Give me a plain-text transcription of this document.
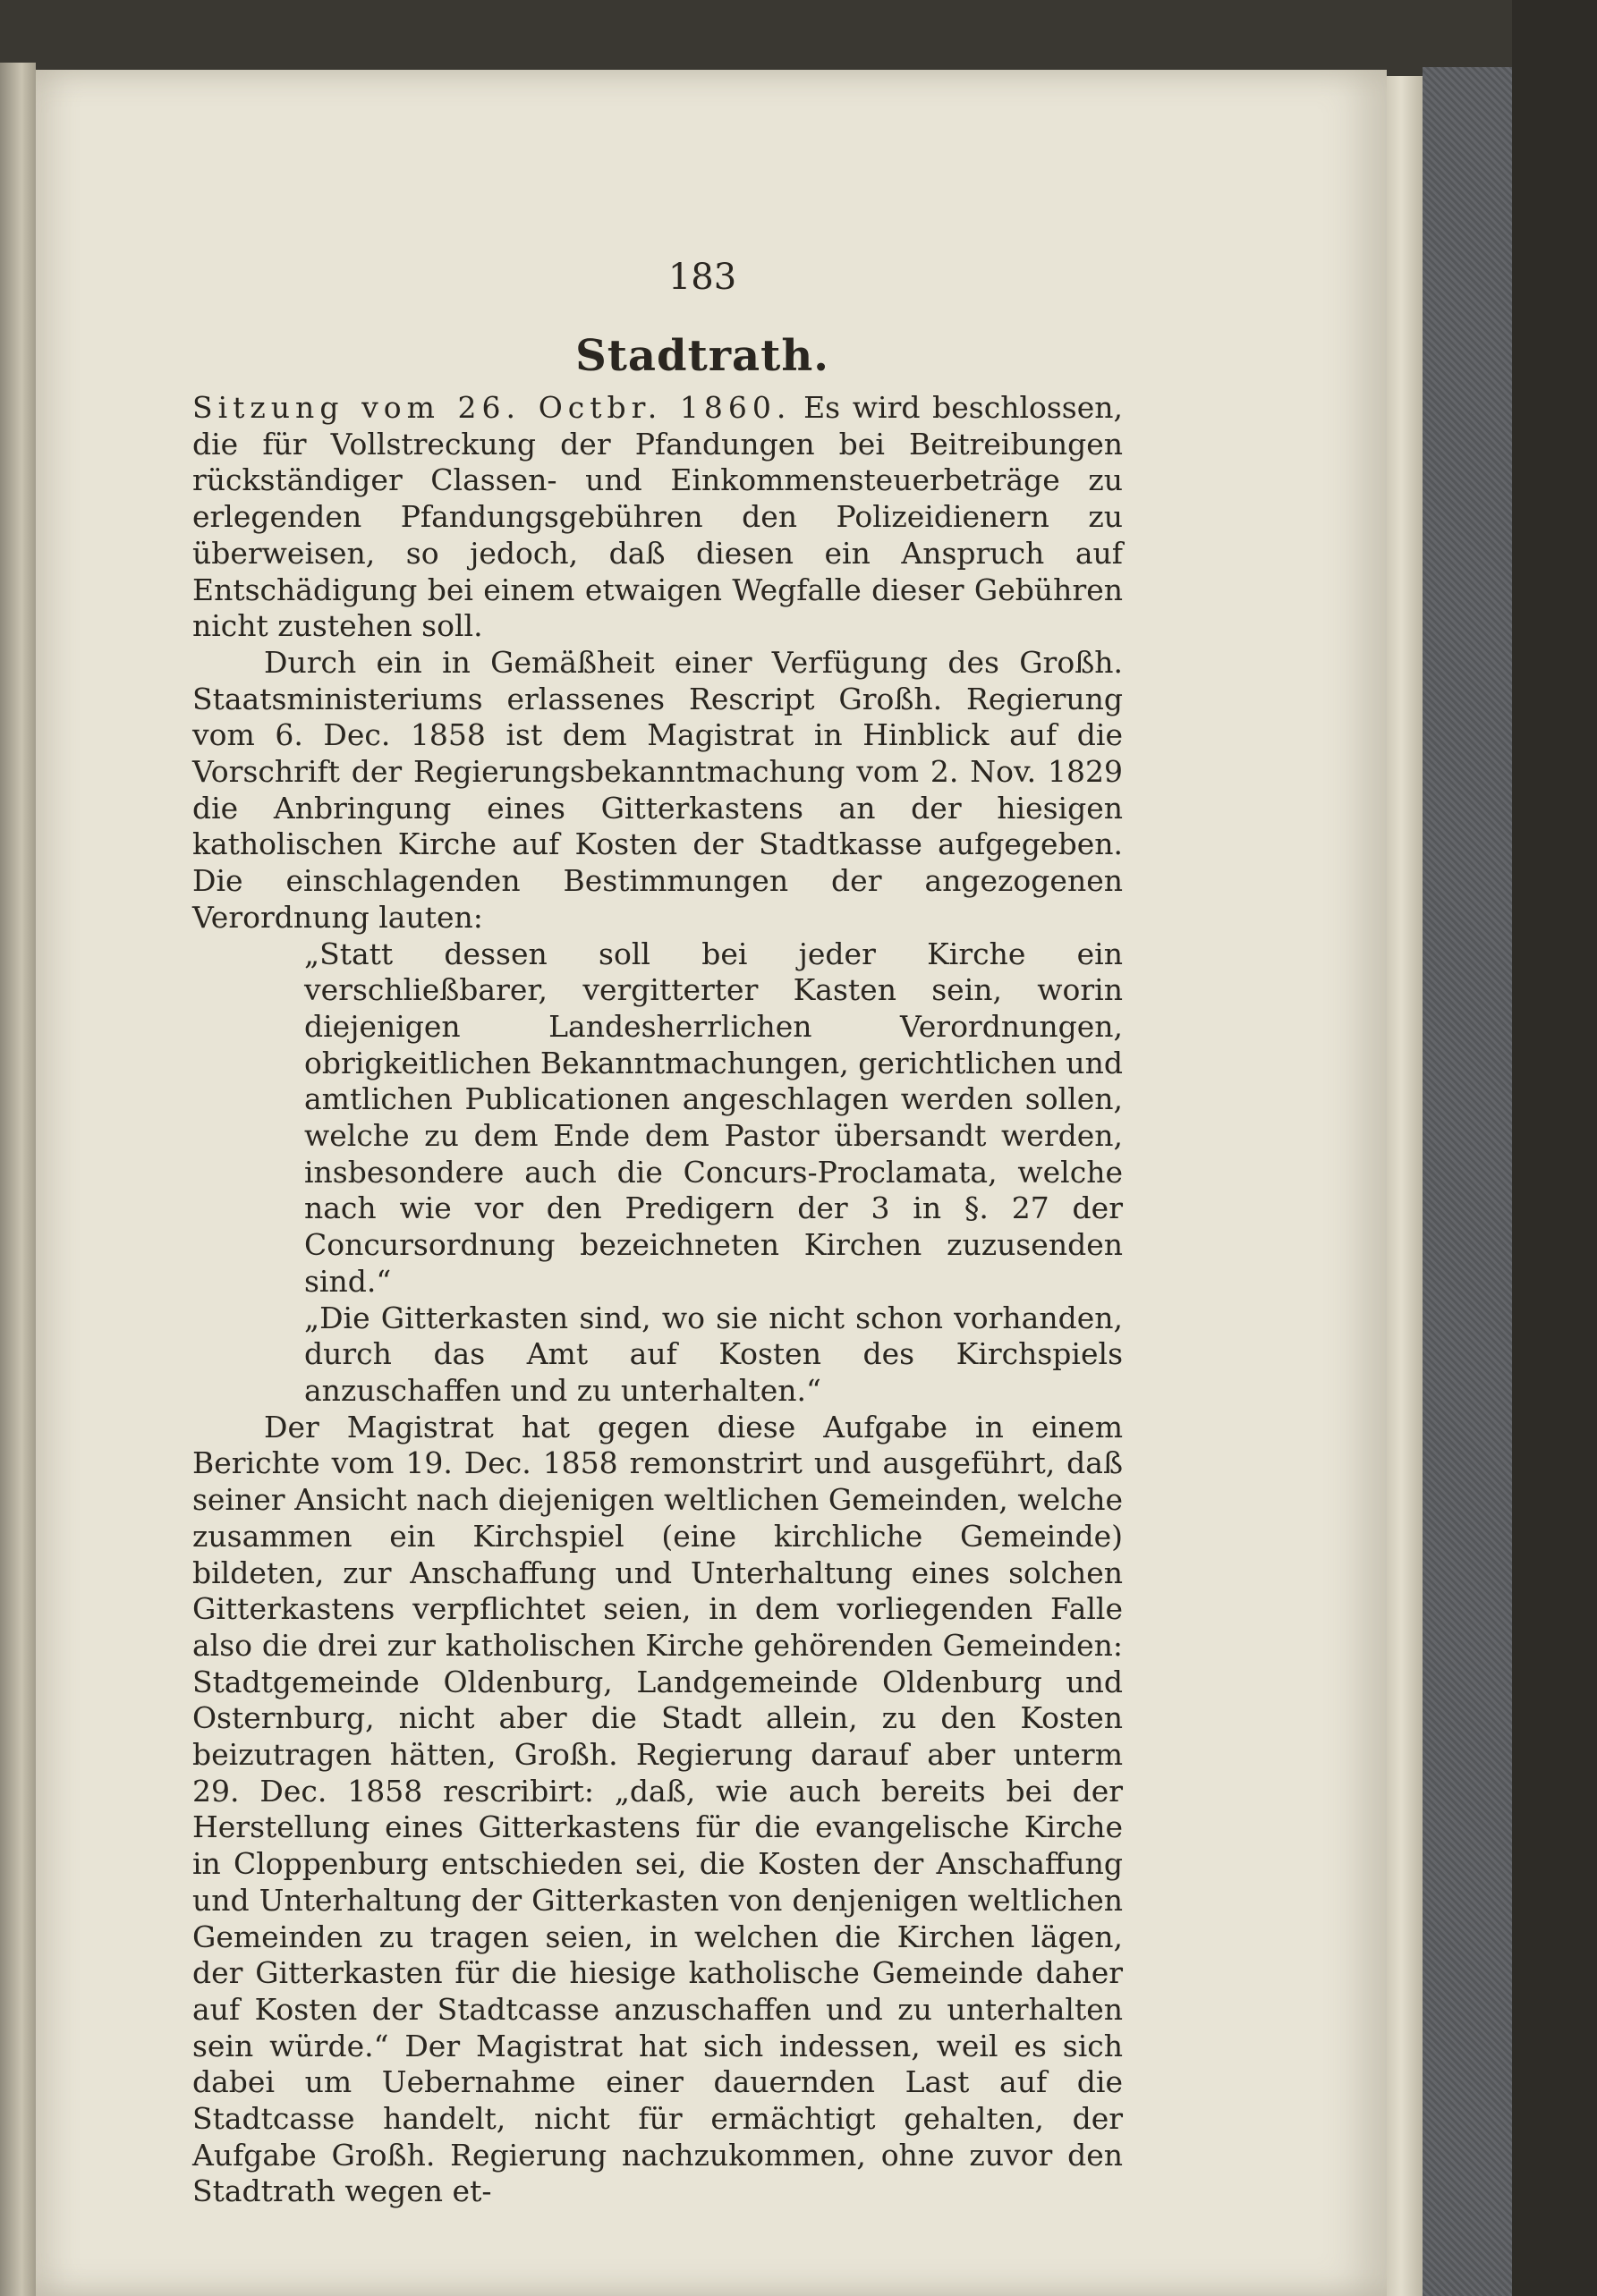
183
Stadtrath.

Sitzung vom 26. Octbr. 1860. Es wird beschlossen, die für Vollstreckung der Pfandungen bei Beitreibungen rückständiger Classen- und Einkommensteuerbeträge zu erlegenden Pfandungsgebühren den Polizeidienern zu überweisen, so jedoch, daß diesen ein Anspruch auf Entschädigung bei einem etwaigen Wegfalle dieser Gebühren nicht zustehen soll.

Durch ein in Gemäßheit einer Verfügung des Großh. Staatsministeriums erlassenes Rescript Großh. Regierung vom 6. Dec. 1858 ist dem Magistrat in Hinblick auf die Vorschrift der Regierungsbekanntmachung vom 2. Nov. 1829 die Anbringung eines Gitterkastens an der hiesigen katholischen Kirche auf Kosten der Stadtkasse aufgegeben. Die einschlagenden Bestimmungen der angezogenen Verordnung lauten:

„Statt dessen soll bei jeder Kirche ein verschließbarer, vergitterter Kasten sein, worin diejenigen Landesherrlichen Verordnungen, obrigkeitlichen Bekanntmachungen, gerichtlichen und amtlichen Publicationen angeschlagen werden sollen, welche zu dem Ende dem Pastor übersandt werden, insbesondere auch die Concurs-Proclamata, welche nach wie vor den Predigern der 3 in §. 27 der Concursordnung bezeichneten Kirchen zuzusenden sind.“

„Die Gitterkasten sind, wo sie nicht schon vorhanden, durch das Amt auf Kosten des Kirchspiels anzuschaffen und zu unterhalten.“

Der Magistrat hat gegen diese Aufgabe in einem Berichte vom 19. Dec. 1858 remonstrirt und ausgeführt, daß seiner Ansicht nach diejenigen weltlichen Gemeinden, welche zusammen ein Kirchspiel (eine kirchliche Gemeinde) bildeten, zur Anschaffung und Unterhaltung eines solchen Gitterkastens verpflichtet seien, in dem vorliegenden Falle also die drei zur katholischen Kirche gehörenden Gemeinden: Stadtgemeinde Oldenburg, Landgemeinde Oldenburg und Osternburg, nicht aber die Stadt allein, zu den Kosten beizutragen hätten, Großh. Regierung darauf aber unterm 29. Dec. 1858 rescribirt: „daß, wie auch bereits bei der Herstellung eines Gitterkastens für die evangelische Kirche in Cloppenburg entschieden sei, die Kosten der Anschaffung und Unterhaltung der Gitterkasten von denjenigen weltlichen Gemeinden zu tragen seien, in welchen die Kirchen lägen, der Gitterkasten für die hiesige katholische Gemeinde daher auf Kosten der Stadtcasse anzuschaffen und zu unterhalten sein würde.“ Der Magistrat hat sich indessen, weil es sich dabei um Uebernahme einer dauernden Last auf die Stadtcasse handelt, nicht für ermächtigt gehalten, der Aufgabe Großh. Regierung nachzukommen, ohne zuvor den Stadtrath wegen et-
